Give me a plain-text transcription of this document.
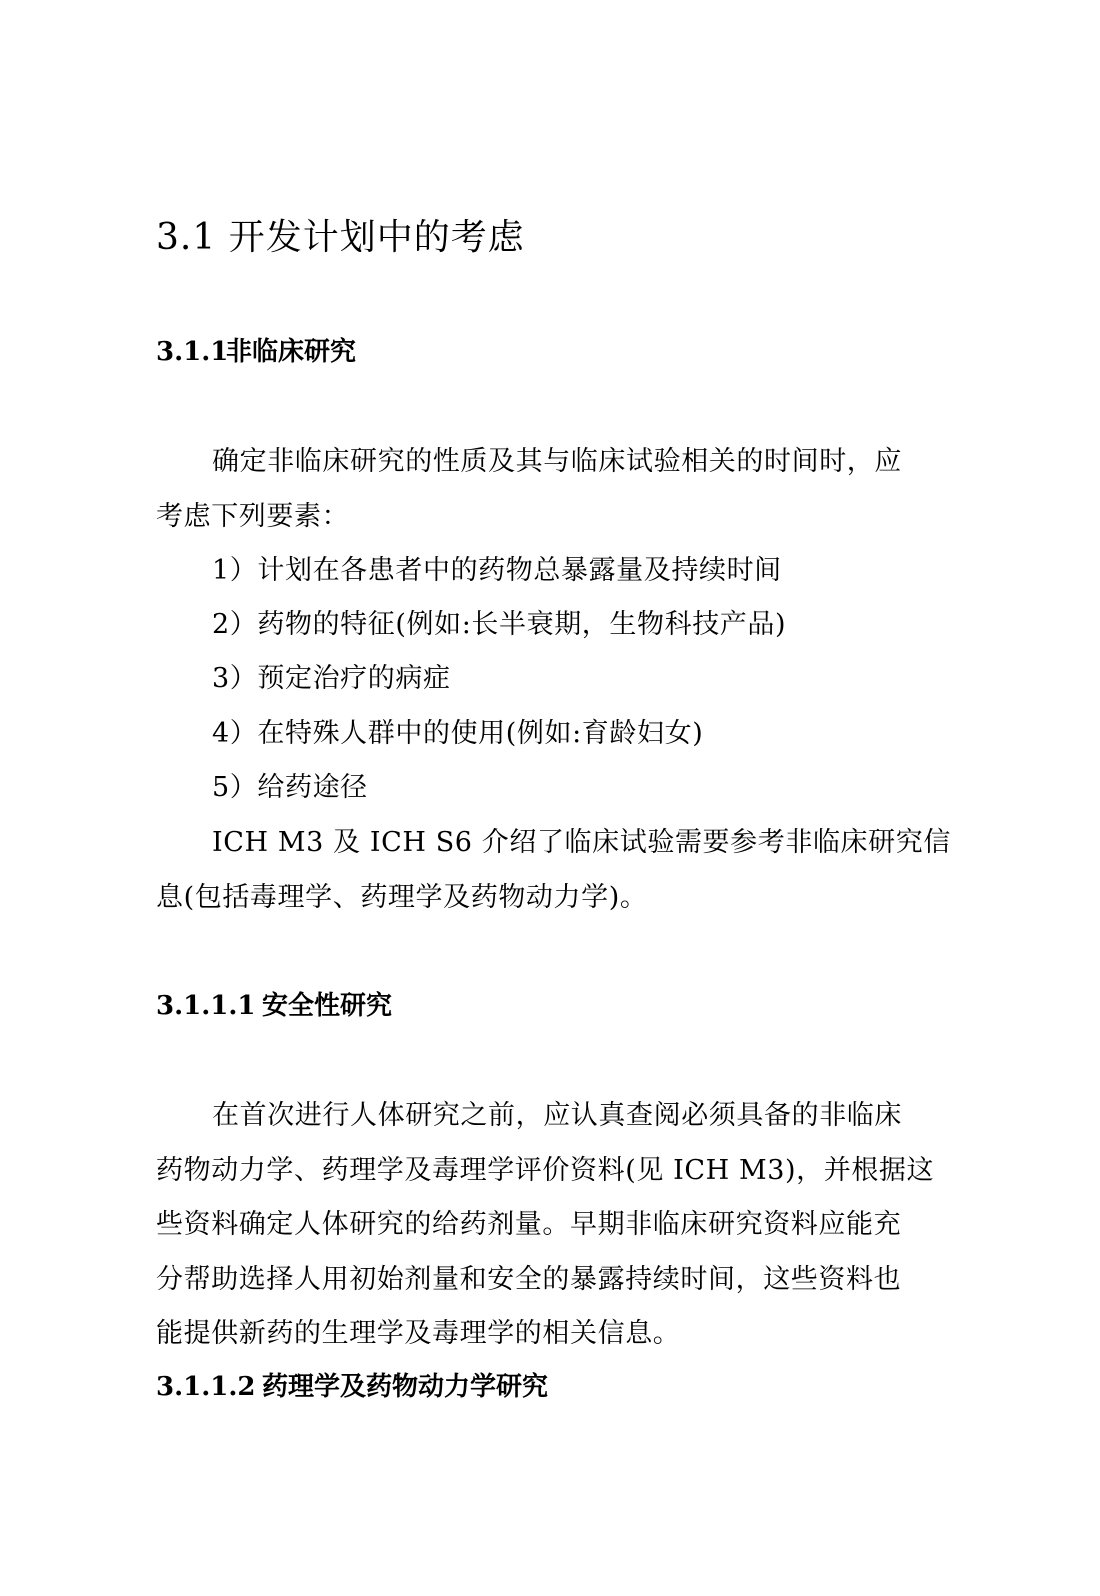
3.1 开发计划中的考虑
3.1.1非临床研究
确定非临床研究的性质及其与临床试验相关的时间时，应
考虑下列要素：
1）计划在各患者中的药物总暴露量及持续时间
2）药物的特征(例如:长半衰期，生物科技产品)
3）预定治疗的病症
4）在特殊人群中的使用(例如:育龄妇女)
5）给药途径
ICH M3 及 ICH S6 介绍了临床试验需要参考非临床研究信
息(包括毒理学、药理学及药物动力学)。
3.1.1.1 安全性研究
在首次进行人体研究之前，应认真查阅必须具备的非临床
药物动力学、药理学及毒理学评价资料(见 ICH M3)，并根据这
些资料确定人体研究的给药剂量。早期非临床研究资料应能充
分帮助选择人用初始剂量和安全的暴露持续时间，这些资料也
能提供新药的生理学及毒理学的相关信息。
3.1.1.2 药理学及药物动力学研究
